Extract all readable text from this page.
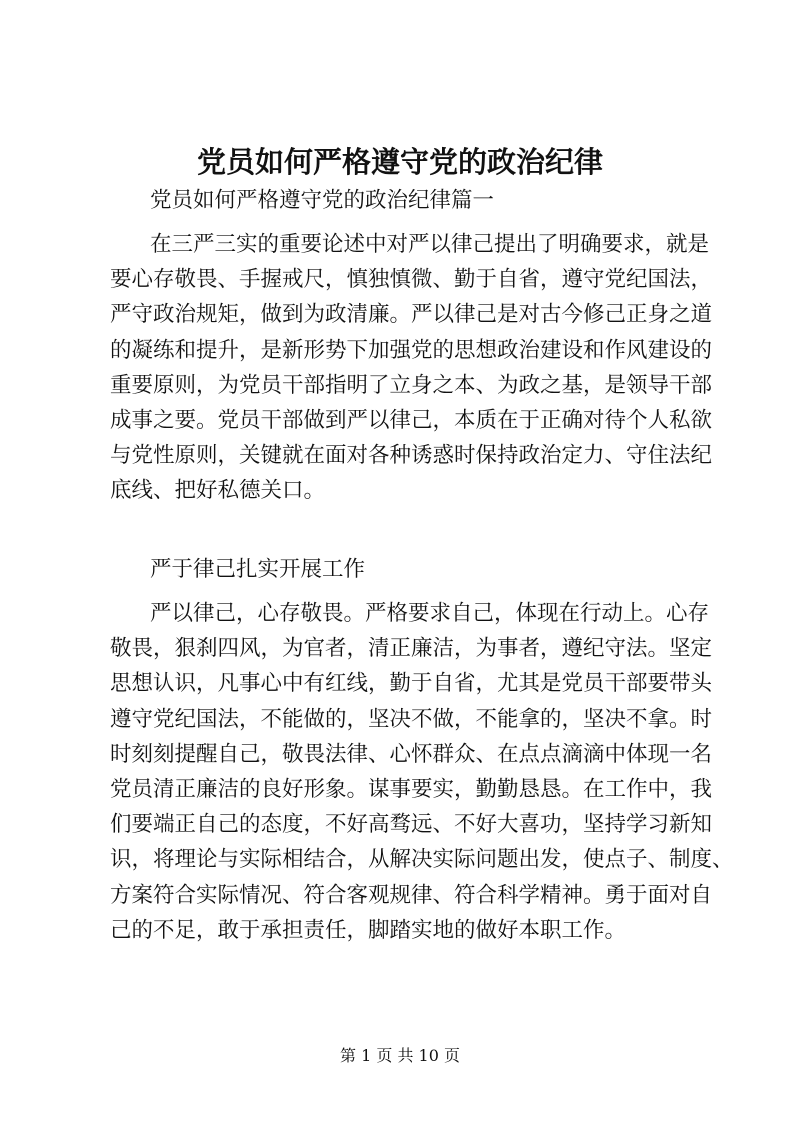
党员如何严格遵守党的政治纪律
党员如何严格遵守党的政治纪律篇一
在三严三实的重要论述中对严以律己提出了明确要求，就是
要心存敬畏、手握戒尺，慎独慎微、勤于自省，遵守党纪国法，
严守政治规矩，做到为政清廉。严以律己是对古今修己正身之道
的凝练和提升，是新形势下加强党的思想政治建设和作风建设的
重要原则，为党员干部指明了立身之本、为政之基，是领导干部
成事之要。党员干部做到严以律己，本质在于正确对待个人私欲
与党性原则，关键就在面对各种诱惑时保持政治定力、守住法纪
底线、把好私德关口。
严于律己扎实开展工作
严以律己，心存敬畏。严格要求自己，体现在行动上。心存
敬畏，狠刹四风，为官者，清正廉洁，为事者，遵纪守法。坚定
思想认识，凡事心中有红线，勤于自省，尤其是党员干部要带头
遵守党纪国法，不能做的，坚决不做，不能拿的，坚决不拿。时
时刻刻提醒自己，敬畏法律、心怀群众、在点点滴滴中体现一名
党员清正廉洁的良好形象。谋事要实，勤勤恳恳。在工作中，我
们要端正自己的态度，不好高骛远、不好大喜功，坚持学习新知
识，将理论与实际相结合，从解决实际问题出发，使点子、制度、
方案符合实际情况、符合客观规律、符合科学精神。勇于面对自
己的不足，敢于承担责任，脚踏实地的做好本职工作。
第 1 页 共 10 页
